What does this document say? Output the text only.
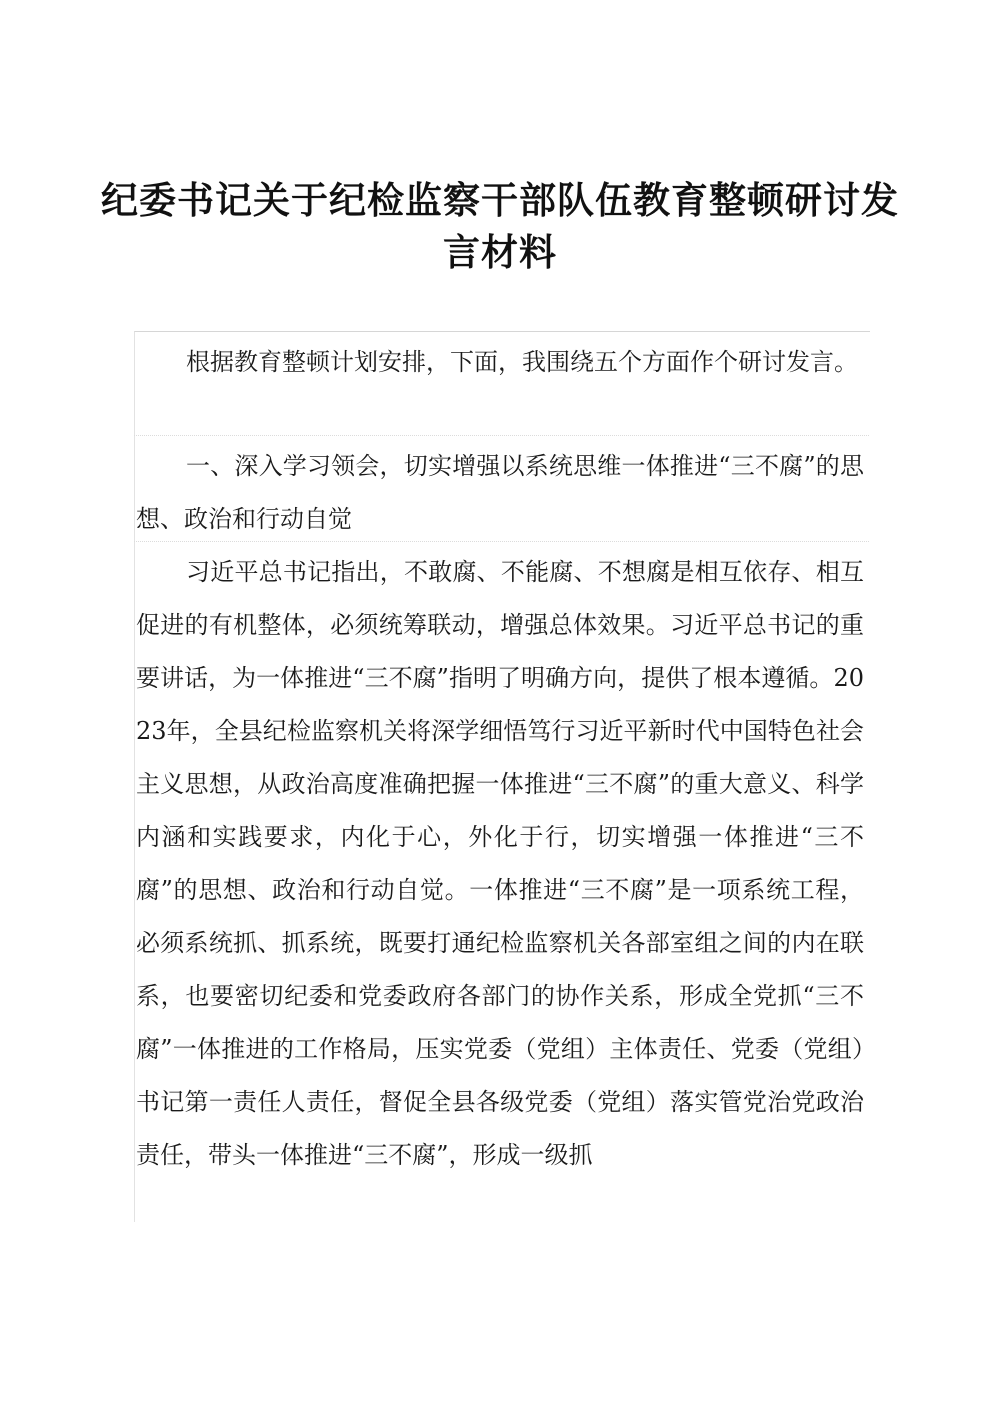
纪委书记关于纪检监察干部队伍教育整顿研讨发言材料

根据教育整顿计划安排，下面，我围绕五个方面作个研讨发言。

一、深入学习领会，切实增强以系统思维一体推进“三不腐”的思想、政治和行动自觉

习近平总书记指出，不敢腐、不能腐、不想腐是相互依存、相互促进的有机整体，必须统筹联动，增强总体效果。习近平总书记的重要讲话，为一体推进“三不腐”指明了明确方向，提供了根本遵循。2023年，全县纪检监察机关将深学细悟笃行习近平新时代中国特色社会主义思想，从政治高度准确把握一体推进“三不腐”的重大意义、科学内涵和实践要求，内化于心，外化于行，切实增强一体推进“三不腐”的思想、政治和行动自觉。一体推进“三不腐”是一项系统工程，必须系统抓、抓系统，既要打通纪检监察机关各部室组之间的内在联系，也要密切纪委和党委政府各部门的协作关系，形成全党抓“三不腐”一体推进的工作格局，压实党委（党组）主体责任、党委（党组）书记第一责任人责任，督促全县各级党委（党组）落实管党治党政治责任，带头一体推进“三不腐”，形成一级抓
